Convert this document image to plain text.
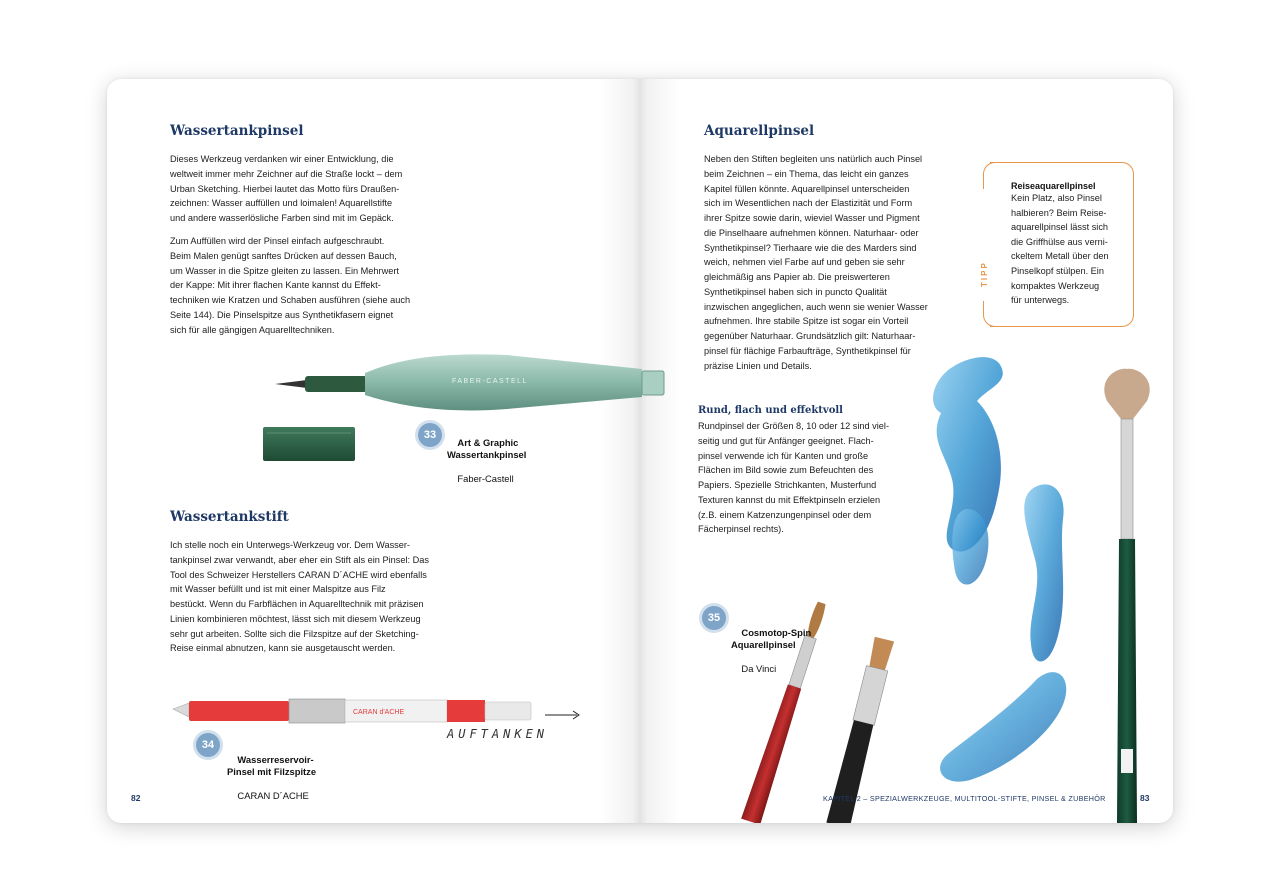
Wassertankpinsel

Dieses Werkzeug verdanken wir einer Entwicklung, die
weltweit immer mehr Zeichner auf die Straße lockt – dem
Urban Sketching. Hierbei lautet das Motto fürs Draußen-
zeichnen: Wasser auffüllen und loimalen! Aquarellstifte
und andere wasserlösliche Farben sind mit im Gepäck.

Zum Auffüllen wird der Pinsel einfach aufgeschraubt.
Beim Malen genügt sanftes Drücken auf dessen Bauch,
um Wasser in die Spitze gleiten zu lassen. Ein Mehrwert
der Kappe: Mit ihrer flachen Kante kannst du Effekt-
techniken wie Kratzen und Schaben ausführen (siehe auch
Seite 144). Die Pinselspitze aus Synthetikfasern eignet
sich für alle gängigen Aquarelltechniken.

FABER-CASTELL
33

Art & Graphic
Wassertankpinsel

Faber-Castell

Wassertankstift

Ich stelle noch ein Unterwegs-Werkzeug vor. Dem Wasser-
tankpinsel zwar verwandt, aber eher ein Stift als ein Pinsel: Das
Tool des Schweizer Herstellers CARAN D´ACHE wird ebenfalls
mit Wasser befüllt und ist mit einer Malspitze aus Filz
bestückt. Wenn du Farbflächen in Aquarelltechnik mit präzisen
Linien kombinieren möchtest, lässt sich mit diesem Werkzeug
sehr gut arbeiten. Sollte sich die Filzspitze auf der Sketching-
Reise einmal abnutzen, kann sie ausgetauscht werden.

CARAN d'ACHE
AUFTANKEN
34

Wasserreservoir-
Pinsel mit Filzspitze

CARAN D´ACHE

82
Aquarellpinsel

Neben den Stiften begleiten uns natürlich auch Pinsel
beim Zeichnen – ein Thema, das leicht ein ganzes
Kapitel füllen könnte. Aquarellpinsel unterscheiden
sich im Wesentlichen nach der Elastizität und Form
ihrer Spitze sowie darin, wieviel Wasser und Pigment
die Pinselhaare aufnehmen können. Naturhaar- oder
Synthetikpinsel? Tierhaare wie die des Marders sind
weich, nehmen viel Farbe auf und geben sie sehr
gleichmäßig ans Papier ab. Die preiswerteren
Synthetikpinsel haben sich in puncto Qualität
inzwischen angeglichen, auch wenn sie wenier Wasser
aufnehmen. Ihre stabile Spitze ist sogar ein Vorteil
gegenüber Naturhaar. Grundsätzlich gilt: Naturhaar-
pinsel für flächige Farbaufträge, Synthetikpinsel für
präzise Linien und Details.

TIPP
Reiseaquarellpinsel
Kein Platz, also Pinsel
halbieren? Beim Reise-
aquarellpinsel lässt sich
die Griffhülse aus verni-
ckeltem Metall über den
Pinselkopf stülpen. Ein
kompaktes Werkzeug
für unterwegs.
Rund, flach und effektvoll

Rundpinsel der Größen 8, 10 oder 12 sind viel-
seitig und gut für Anfänger geeignet. Flach-
pinsel verwende ich für Kanten und große
Flächen im Bild sowie zum Befeuchten des
Papiers. Spezielle Strichkanten, Musterfund
Texturen kannst du mit Effektpinseln erzielen
(z.B. einem Katzenzungenpinsel oder dem
Fächerpinsel rechts).

35

Cosmotop-Spin
Aquarellpinsel

Da Vinci

KAPITEL 2 – SPEZIALWERKZEUGE, MULTITOOL-STIFTE, PINSEL & ZUBEHÖR	83
